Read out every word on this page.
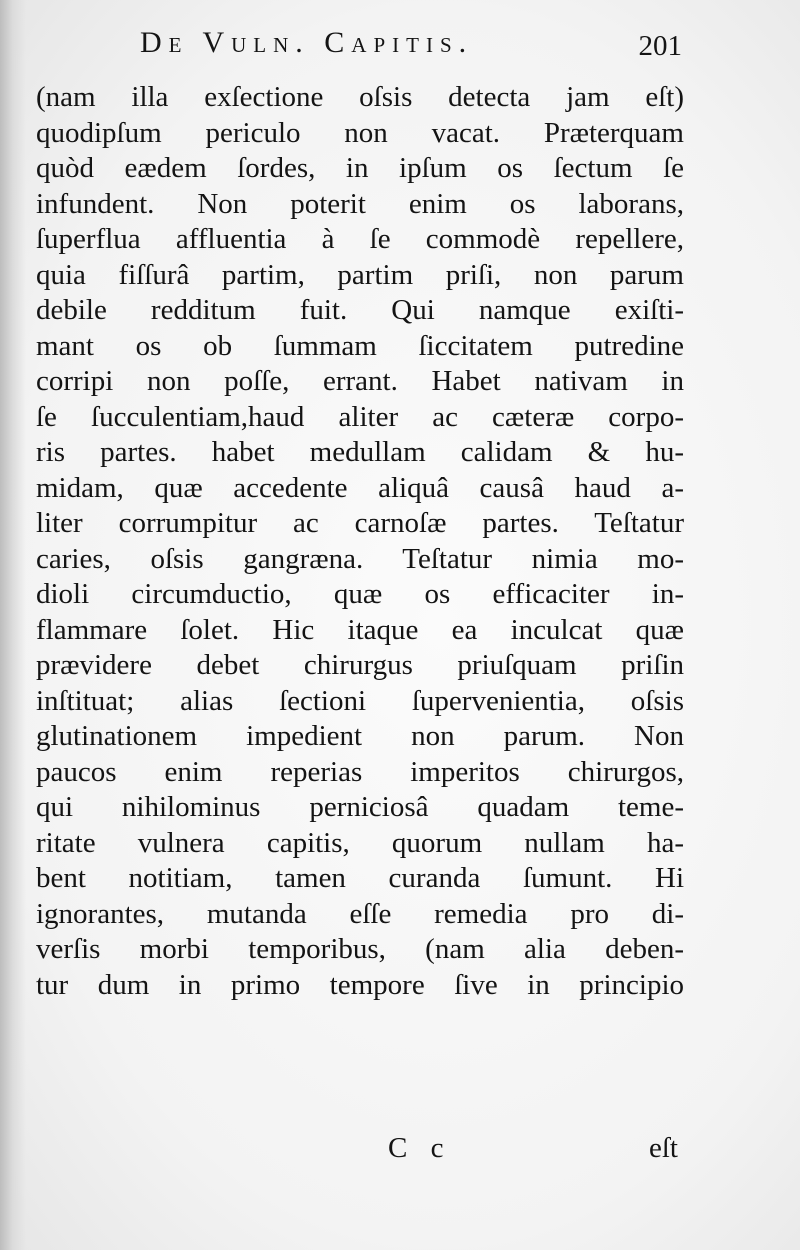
De Vuln. Capitis.	201
(nam illa exſectione oſsis detecta jam eſt)
quodipſum periculo non vacat. Præterquam
quòd eædem ſordes, in ipſum os ſectum ſe
infundent. Non poterit enim os laborans,
ſuperflua affluentia à ſe commodè repellere,
quia fiſſurâ partim, partim priſi, non parum
debile redditum fuit. Qui namque exiſti-
mant os ob ſummam ſiccitatem putredine
corripi non poſſe, errant. Habet nativam in
ſe ſucculentiam,haud aliter ac cæteræ corpo-
ris partes. habet medullam calidam & hu-
midam, quæ accedente aliquâ causâ haud a-
liter corrumpitur ac carnoſæ partes. Teſtatur
caries, oſsis gangræna. Teſtatur nimia mo-
dioli circumductio, quæ os efficaciter in-
flammare ſolet. Hic itaque ea inculcat quæ
prævidere debet chirurgus priuſquam priſin
inſtituat; alias ſectioni ſupervenientia, oſsis
glutinationem impedient non parum. Non
paucos enim reperias imperitos chirurgos,
qui nihilominus perniciosâ quadam teme-
ritate vulnera capitis, quorum nullam ha-
bent notitiam, tamen curanda ſumunt. Hi
ignorantes, mutanda eſſe remedia pro di-
verſis morbi temporibus, (nam alia deben-
tur dum in primo tempore ſive in principio
C c	eſt
